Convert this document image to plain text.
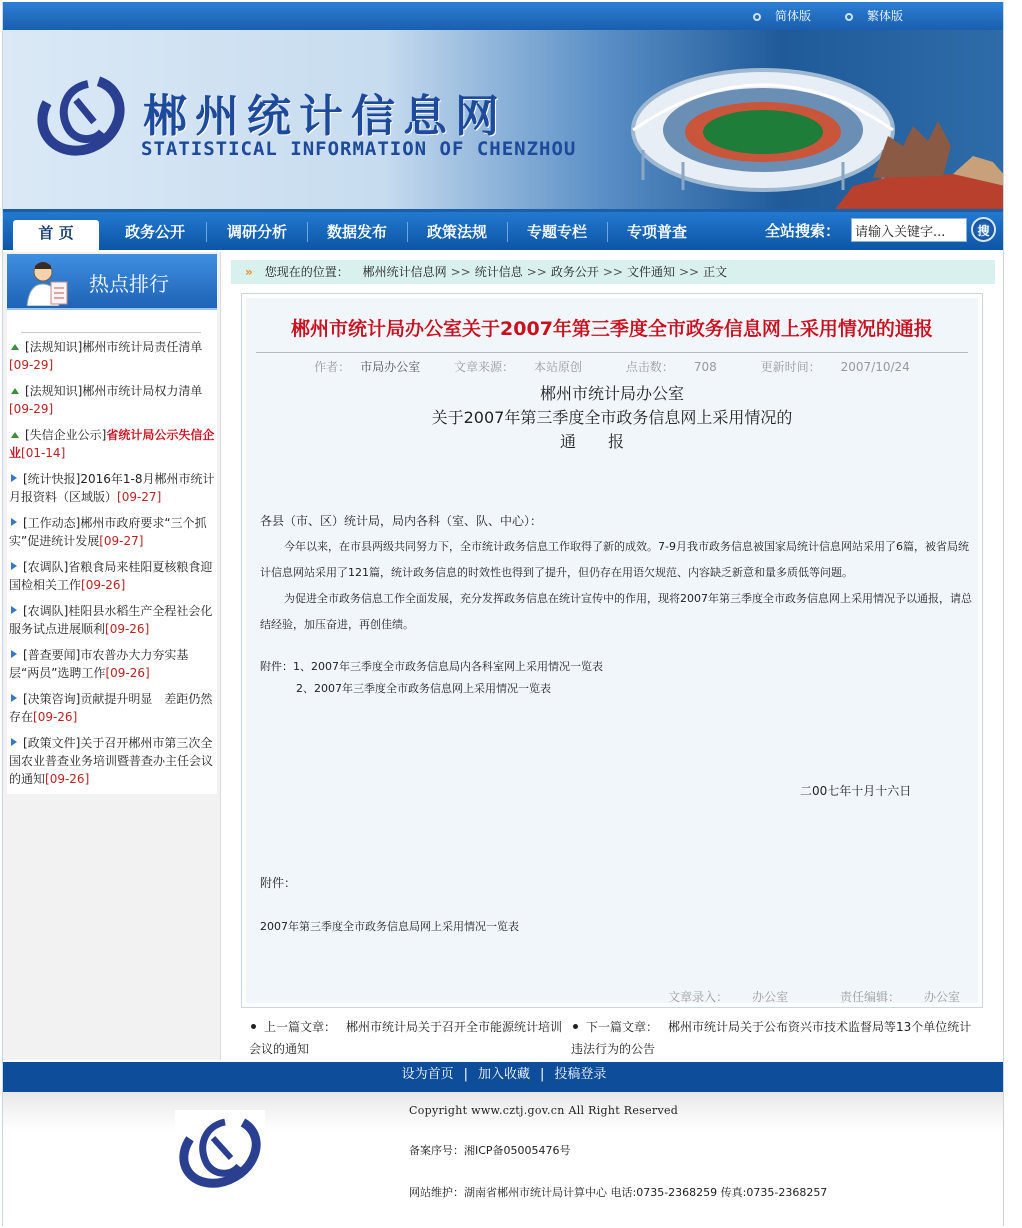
简体版	繁体版
郴州统计信息网
STATISTICAL INFORMATION OF CHENZHOU
首 页	政务公开	调研分析	数据发布	政策法规	专题专栏	专项普查	全站搜索：
请输入关键字...	搜
热点排行
[法规知识]郴州市统计局责任清单
[09-29]
[法规知识]郴州市统计局权力清单
[09-29]
[失信企业公示]省统计局公示失信企业[01-14]
[统计快报]2016年1-8月郴州市统计月报资料（区域版）[09-27]
[工作动态]郴州市政府要求“三个抓实”促进统计发展[09-27]
[农调队]省粮食局来桂阳夏核粮食迎国检相关工作[09-26]
[农调队]桂阳县水稻生产全程社会化服务试点进展顺利[09-26]
[普查要闻]市农普办大力夯实基层“两员”选聘工作[09-26]
[决策咨询]贡献提升明显　差距仍然存在[09-26]
[政策文件]关于召开郴州市第三次全国农业普查业务培训暨普查办主任会议的通知[09-26]
» 您现在的位置： 郴州统计信息网 >> 统计信息 >> 政务公开 >> 文件通知 >> 正文
郴州市统计局办公室关于2007年第三季度全市政务信息网上采用情况的通报
作者： 市局办公室	文章来源： 本站原创	点击数： 708	更新时间： 2007/10/24
郴州市统计局办公室
关于2007年第三季度全市政务信息网上采用情况的
通　　报

各县（市、区）统计局，局内各科（室、队、中心）：

今年以来，在市县两级共同努力下，全市统计政务信息工作取得了新的成效。7-9月我市政务信息被国家局统计信息网站采用了6篇，被省局统计信息网站采用了121篇，统计政务信息的时效性也得到了提升，但仍存在用语欠规范、内容缺乏新意和量多质低等问题。

为促进全市政务信息工作全面发展，充分发挥政务信息在统计宣传中的作用，现将2007年第三季度全市政务信息网上采用情况予以通报，请总结经验，加压奋进，再创佳绩。

附件：1、2007年三季度全市政务信息局内各科室网上采用情况一览表

2、2007年三季度全市政务信息网上采用情况一览表

二00七年十月十六日
附件：
2007年第三季度全市政务信息局网上采用情况一览表
文章录入： 办公室	责任编辑： 办公室
上一篇文章： 郴州市统计局关于召开全市能源统计培训会议的通知
下一篇文章： 郴州市统计局关于公布资兴市技术监督局等13个单位统计违法行为的公告
设为首页 | 加入收藏 | 投稿登录
Copyright www.cztj.gov.cn All Right Reserved
备案序号：湘ICP备05005476号
网站维护：湖南省郴州市统计局计算中心 电话:0735-2368259 传真:0735-2368257
